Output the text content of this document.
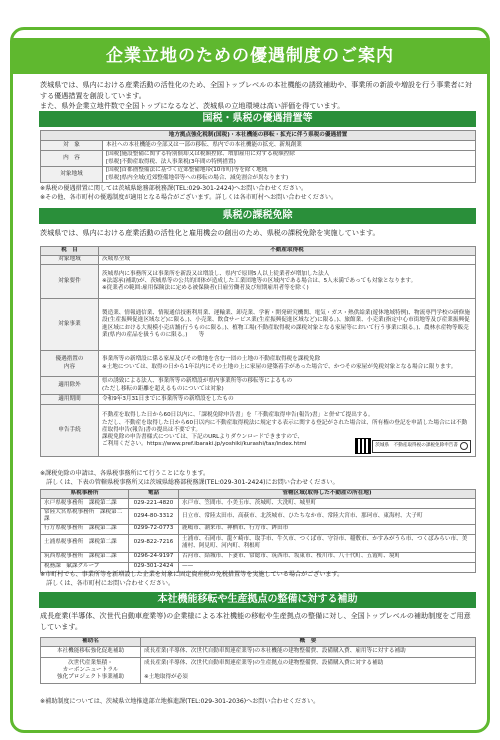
企業立地のための優遇制度のご案内
茨城県では、県内における産業活動の活性化のため、全国トップレベルの本社機能の誘致補助や、事業所の新設や増設を行う事業者に対する優遇措置を創設しています。
また、県外企業立地件数で全国トップになるなど、茨城県の立地環境は高い評価を得ています。
国税・県税の優遇措置等
地方拠点強化税制(国税)・本社機能の移転・拡充に伴う県税の優遇措置	
対　象	本社への本社機能の全部又は一部の移転、県内での本社機能の拡充、新規創業
内　容	[国税]施設整備に関する特別償却又は税額控除、増加雇用に対する税額控除
[県税]不動産取得税、法人事業税(3年間の特例措置)
対象地域	[国税]首都圏整備法に基づく近郊整備地帯(10市町)等を除く地域
[県税]県内全域(近郊整備地帯等への移転の場合、減免割合が異なります)
※県税の優遇措置に関しては茨城県総務部税務課(TEL:029-301-2424)へお問い合わせください。
※その他、各市町村の優遇制度が適用となる場合がございます。詳しくは各市町村へお問い合わせください。
県税の課税免除
茨城県では、県内における産業活動の活性化と雇用機会の創出のため、県税の課税免除を実施しています。
税　目	不動産取得税
対象地域	茨城県全域
対象要件	茨城県内に事務所又は事業所を新設又は増設し、県内で原則5人以上従業者が増加した法人
※法認承(補助)が、茨城県等の公共的団体が造成した工業団地等の区域内である場合は、5人未満であっても対象となります。
※従業者の範囲:雇用保険法に定める被保険者(日雇労働者及び短期雇用者等を除く)
対象事業	製造業、情報通信業、情報通信技術利用業、運輸業、卸売業、学術・開発研究機関、電気・ガス・熱供給業(遊休地域特例)、物流専門学校の研修施設(生産振興促進区域など)に限る。)、小売業、飲食サービス業(生産振興促進区域など)に限る。)、旅館業、小売業(指定中心市街地等及び産業振興促進区域における大規模小売店舗(行うものに限る。)、植物工場(不動産取得税の課税対象となる家屋等において行う事業に限る。)、農林水産物等販売業(県内の産品を扱うものに限る。)　　等
優遇措置の
内容	事業所等の新増設に係る家屋及びその敷地を含む一団の土地の不動産取得税を課税免除
※土地については、取得の日から1年以内にその土地の上に家屋の建築着手があった場合で、かつその家屋が免税対象となる場合に限ります。
適用除外	県の誘致による法人、事業所等の新増設が県内事業所等の移転等によるもの
(ただし移転の距離を超えるものについては対象)
適用期間	令和9年3月31日までに事業所等の新増設をしたもの
申告手続	不動産を取得した日から60日以内に、「課税免除申告書」を「不動産取得申告(報告)書」と併せて提出する。
ただし、不動産を取得した日から60日以内に不動産取得税法に規定する表示に関する登記がされた場合は、所有権の登記を申請した場合には不動産取得申告(報告)書の提出は不要です。
課税免除の申告書様式については、下記のURLよりダウンロードできますので、
ご利用ください。https://www.pref.ibaraki.jp/yoshiki/kurashi/tax/index.html
茨城県　不動産取得税の課税免除申告書
※課税免除の申請は、各県税事務所にて行うことになります。
　詳しくは、下表の管轄県税事務所又は茨城県総務部税務課(TEL:029-301-2424)にお問い合わせください。
県税事務所	電話	管轄区域(取得した不動産の所在地)
水戸県税事務所　課税第二課	029-221-4820	水戸市、笠間市、小美玉市、茨城町、大洗町、城里町
常陸大宮県税事務所　課税第二課	0294-80-3312	日立市、常陸太田市、高萩市、北茨城市、ひたちなか市、常陸大宮市、那珂市、東海村、大子町
行方県税事務所　課税第二課	0299-72-0773	鹿嶋市、潮来市、神栖市、行方市、鉾田市
土浦県税事務所　課税第二課	029-822-7216	土浦市、石岡市、龍ケ崎市、取手市、牛久市、つくば市、守谷市、稲敷市、かすみがうら市、つくばみらい市、美浦村、阿見町、河内町、利根町
筑西県税事務所　課税第二課	0296-24-9197	古河市、結城市、下妻市、常総市、筑西市、坂東市、桜川市、八千代町、五霞町、境町
税務課　賦課グループ	029-301-2424	——
※市町村でも、事業所等を新増設した企業を対象に固定資産税の免税措置等を実施している場合がございます。
　詳しくは、各市町村にお問い合わせください。
本社機能移転や生産拠点の整備に対する補助
成長産業(半導体、次世代自動車産業等)の企業様による本社機能の移転や生産拠点の整備に対し、全国トップレベルの補助制度をご用意しています。
補助名	概　要
本社機能移転強化促進補助	成長産業(半導体、次世代自動車関連産業等)の本社機能の建物整備費、設備購入費、雇用等に対する補助
次世代産業集積・
カーボンニュートラル
強化プロジェクト事業補助	成長産業(半導体、次世代自動車関連産業等)の生産拠点の建物整備費、設備購入費に対する補助

※土地取得が必須
※補助制度については、茨城県立地推進部立地推進課(TEL:029-301-2036)へお問い合わせください。
